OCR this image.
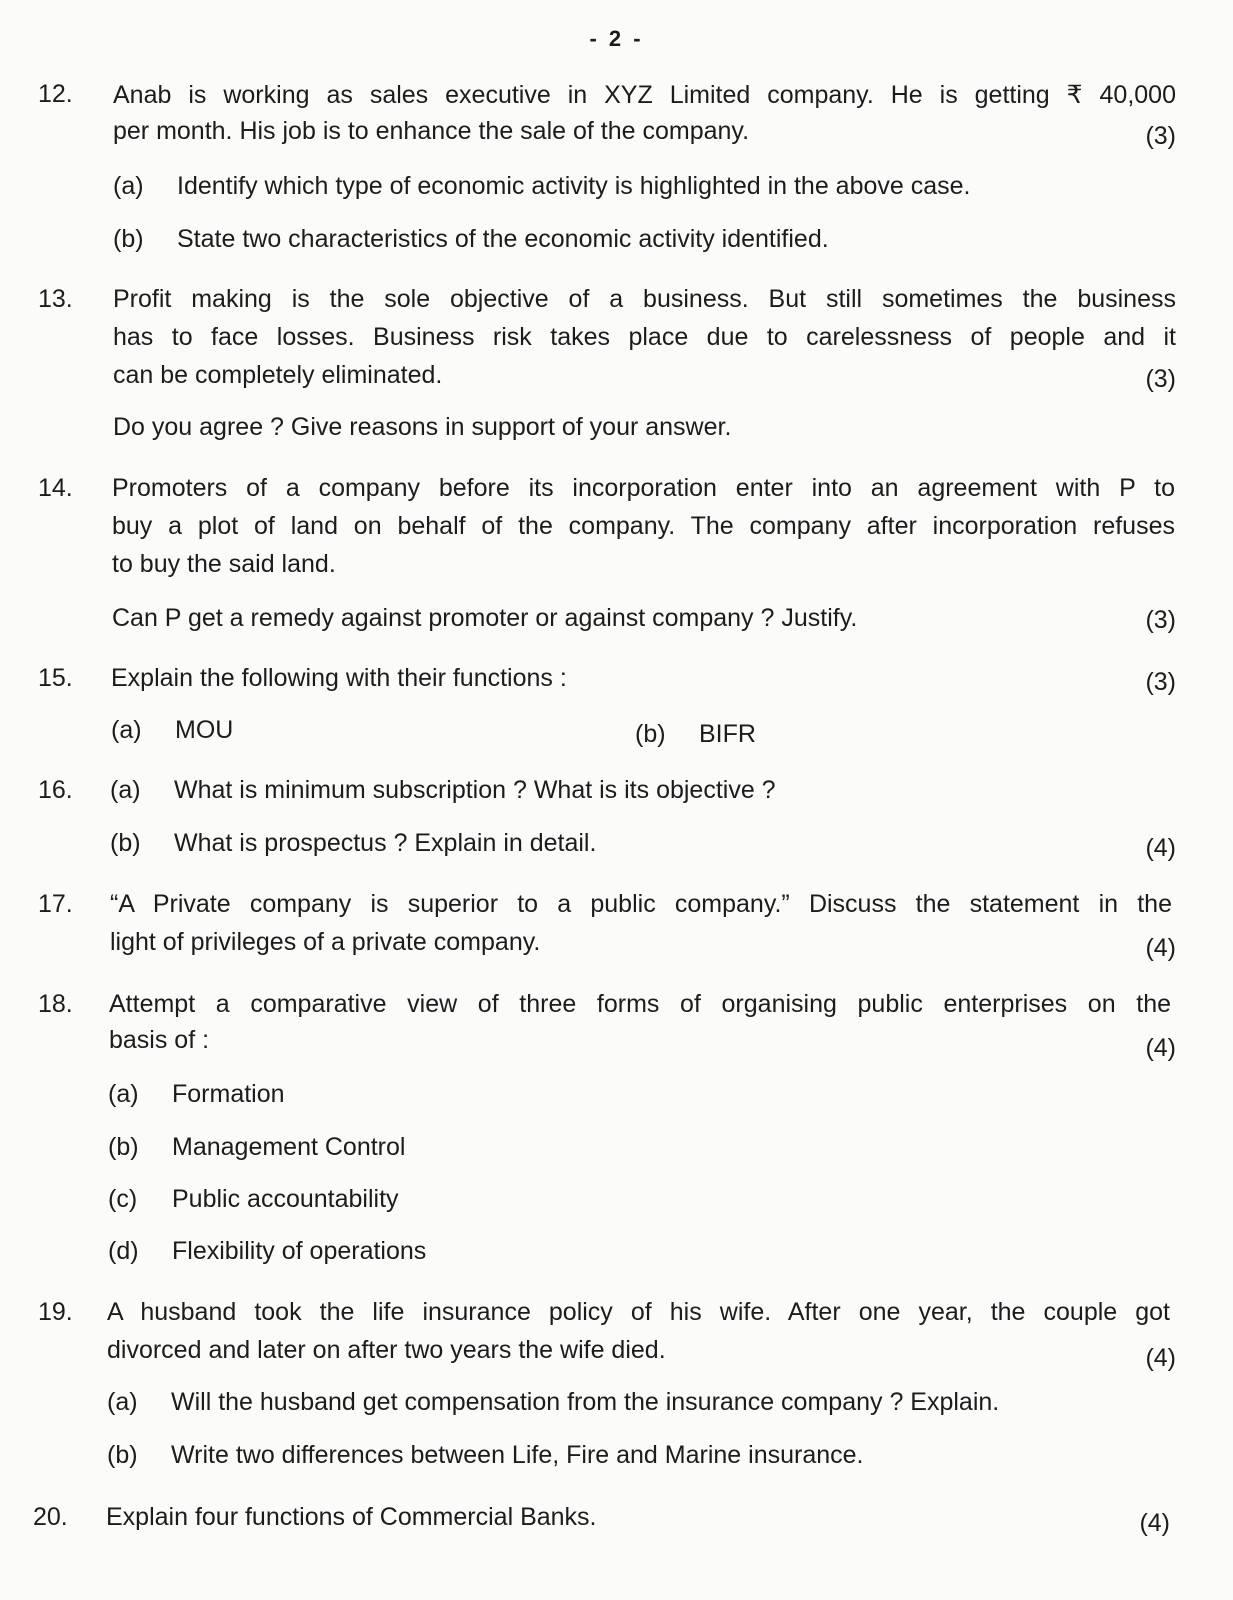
- 2 -
12. Anab is working as sales executive in XYZ Limited company. He is getting ₹ 40,000
per month. His job is to enhance the sale of the company.	(3)
(a) Identify which type of economic activity is highlighted in the above case.
(b) State two characteristics of the economic activity identified.
13. Profit making is the sole objective of a business. But still sometimes the business
has to face losses. Business risk takes place due to carelessness of people and it
can be completely eliminated.	(3)
Do you agree ? Give reasons in support of your answer.
14. Promoters of a company before its incorporation enter into an agreement with P to
buy a plot of land on behalf of the company. The company after incorporation refuses
to buy the said land.
Can P get a remedy against promoter or against company ? Justify.	(3)
15. Explain the following with their functions :	(3)
(a) MOU	(b) BIFR
16. (a) What is minimum subscription ? What is its objective ?
(b) What is prospectus ? Explain in detail.	(4)
17. “A Private company is superior to a public company.” Discuss the statement in the
light of privileges of a private company.	(4)
18. Attempt a comparative view of three forms of organising public enterprises on the
basis of :	(4)
(a) Formation
(b) Management Control
(c) Public accountability
(d) Flexibility of operations
19. A husband took the life insurance policy of his wife. After one year, the couple got
divorced and later on after two years the wife died.	(4)
(a) Will the husband get compensation from the insurance company ? Explain.
(b) Write two differences between Life, Fire and Marine insurance.
20. Explain four functions of Commercial Banks.	(4)
